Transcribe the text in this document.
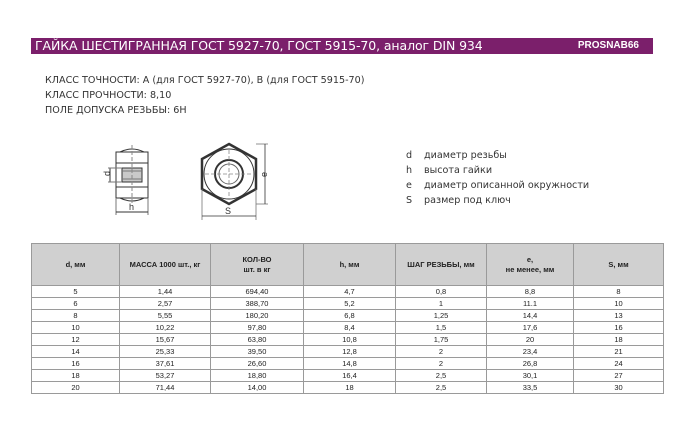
ГАЙКА ШЕСТИГРАННАЯ ГОСТ 5927-70, ГОСТ 5915-70, аналог DIN 934	PROSNAB66
КЛАСС ТОЧНОСТИ: А (для ГОСТ 5927-70), В (для ГОСТ 5915-70)
КЛАСС ПРОЧНОСТИ: 8,10
ПОЛЕ ДОПУСКА РЕЗЬБЫ: 6Н
d
h
e
S
d диаметр резьбы
h высота гайки
e диаметр описанной окружности
S размер под ключ
d, мм	МАССА 1000 шт., кг	КОЛ-ВО
шт. в кг	h, мм	ШАГ РЕЗЬБЫ, мм	e,
не менее, мм	S, мм
5	1,44	694,40	4,7	0,8	8,8	8
6	2,57	388,70	5,2	1	11.1	10
8	5,55	180,20	6,8	1,25	14,4	13
10	10,22	97,80	8,4	1,5	17,6	16
12	15,67	63,80	10,8	1,75	20	18
14	25,33	39,50	12,8	2	23,4	21
16	37,61	26,60	14,8	2	26,8	24
18	53,27	18,80	16,4	2,5	30,1	27
20	71,44	14,00	18	2,5	33,5	30
